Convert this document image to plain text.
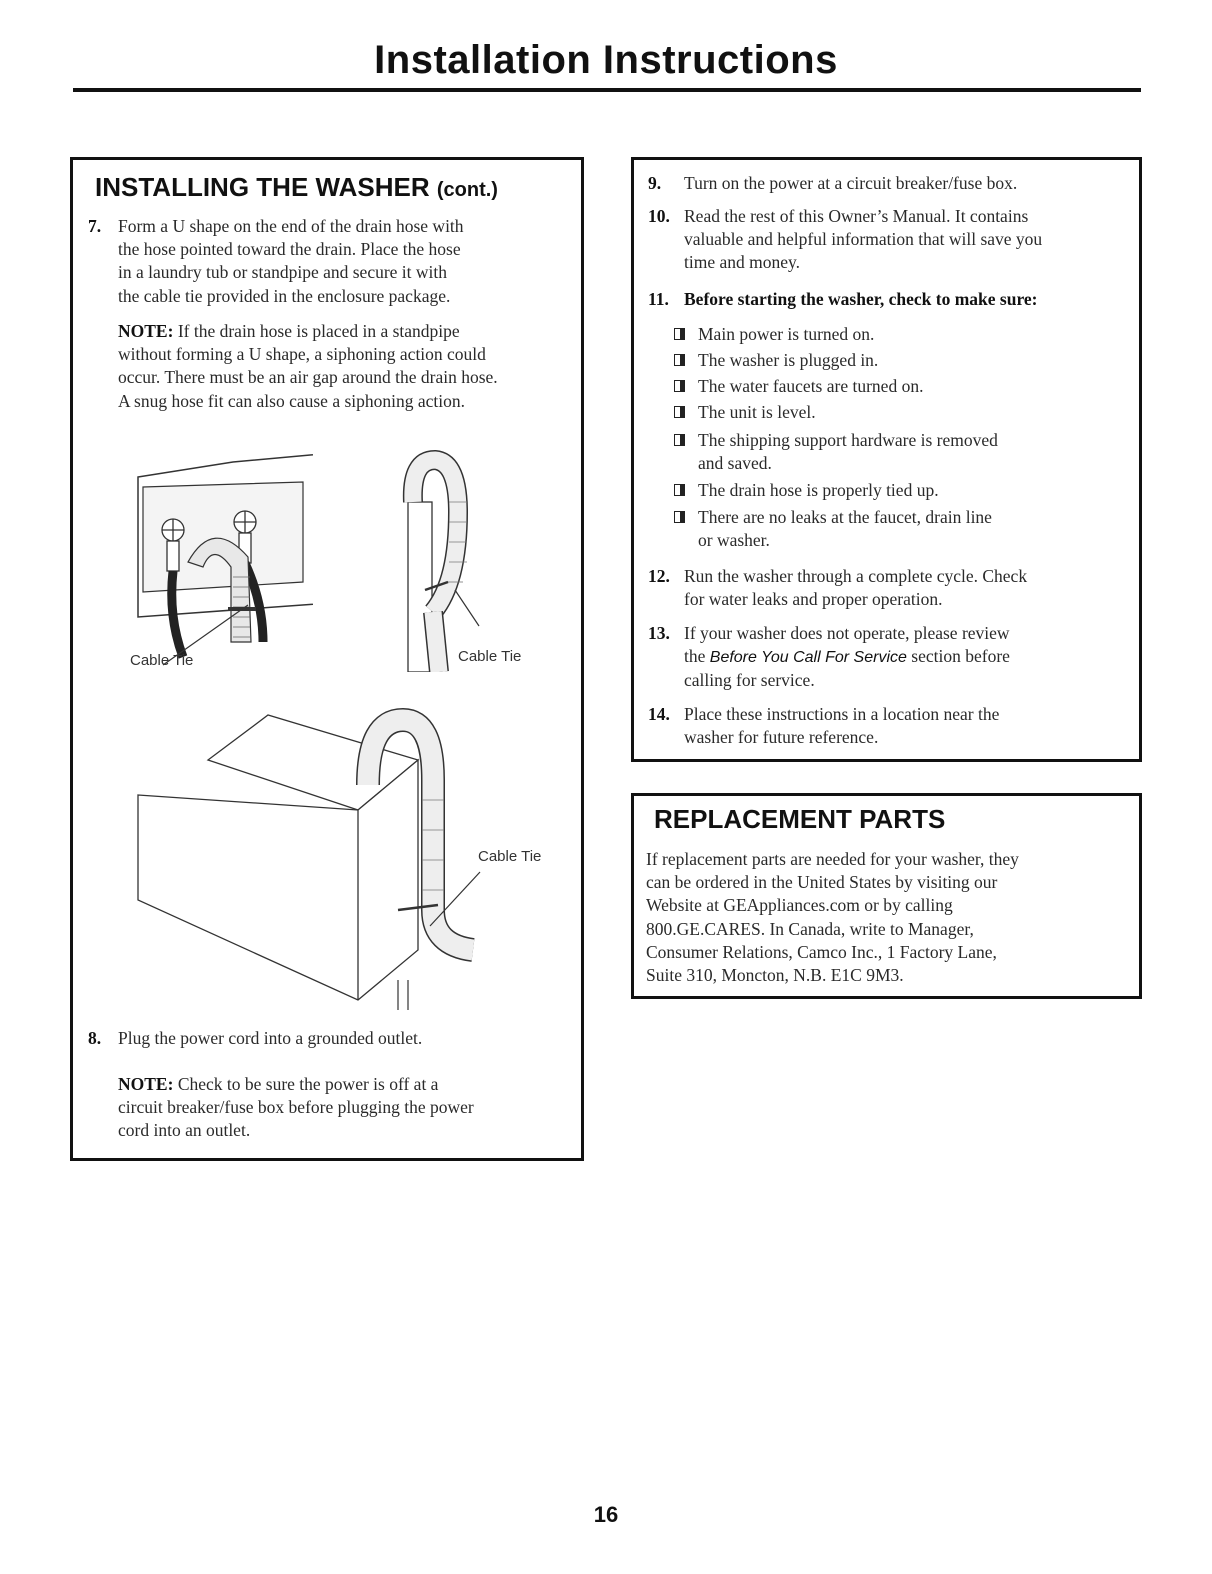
Installation Instructions
INSTALLING THE WASHER (cont.)
7. Form a U shape on the end of the drain hose with
the hose pointed toward the drain. Place the hose
in a laundry tub or standpipe and secure it with
the cable tie provided in the enclosure package.
NOTE: If the drain hose is placed in a standpipe
without forming a U shape, a siphoning action could
occur. There must be an air gap around the drain hose.
A snug hose fit can also cause a siphoning action.
Cable Tie	Cable Tie
Cable Tie
8. Plug the power cord into a grounded outlet.
NOTE: Check to be sure the power is off at a
circuit breaker/fuse box before plugging the power
cord into an outlet.
9. Turn on the power at a circuit breaker/fuse box.
10. Read the rest of this Owner’s Manual. It contains
valuable and helpful information that will save you
time and money.
11. Before starting the washer, check to make sure:
Main power is turned on.
The washer is plugged in.
The water faucets are turned on.
The unit is level.
The shipping support hardware is removed
and saved.
The drain hose is properly tied up.
There are no leaks at the faucet, drain line
or washer.
12. Run the washer through a complete cycle. Check
for water leaks and proper operation.
13. If your washer does not operate, please review
the Before You Call For Service section before
calling for service.
14. Place these instructions in a location near the
washer for future reference.
REPLACEMENT PARTS
If replacement parts are needed for your washer, they
can be ordered in the United States by visiting our
Website at GEAppliances.com or by calling
800.GE.CARES. In Canada, write to Manager,
Consumer Relations, Camco Inc., 1 Factory Lane,
Suite 310, Moncton, N.B. E1C 9M3.
16
